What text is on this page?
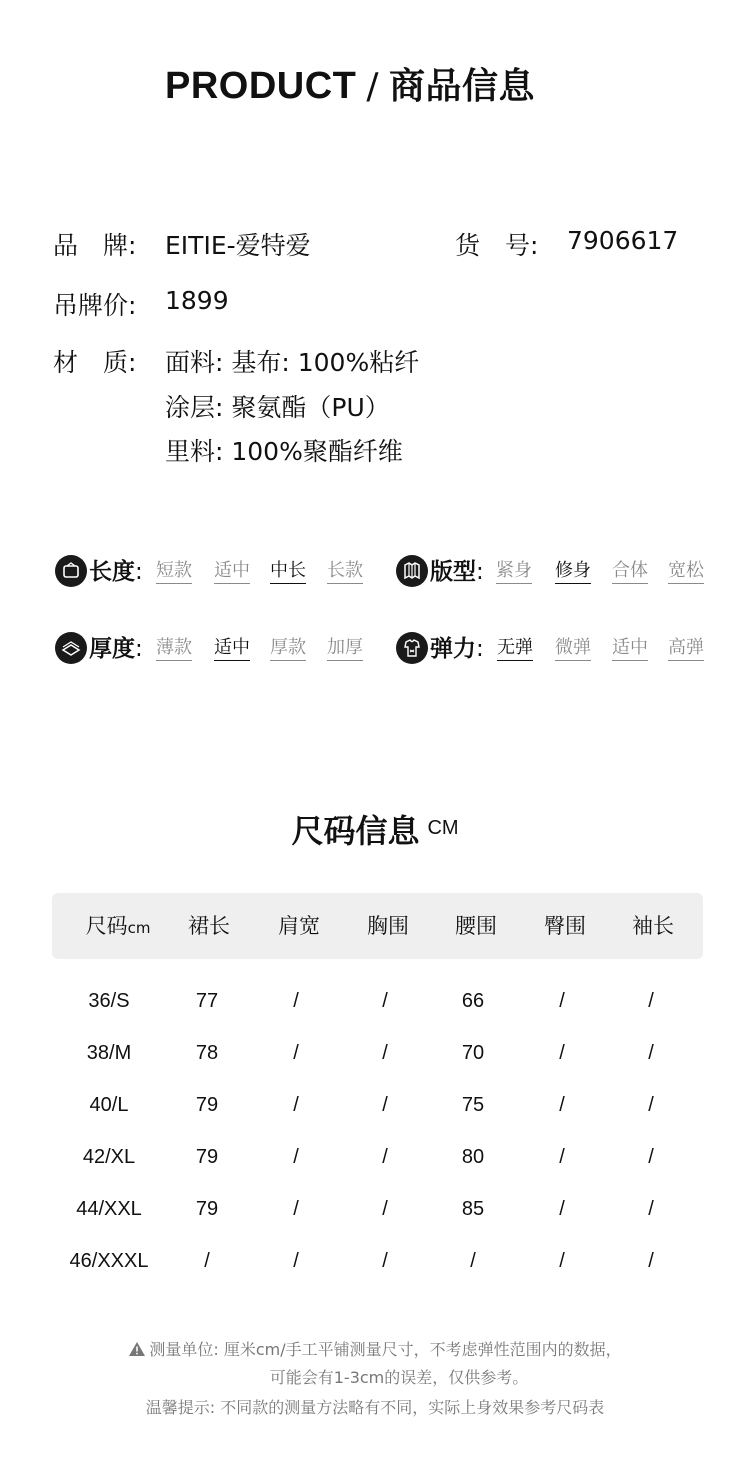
PRODUCT / 商品信息
品　牌: EITIE-爱特爱	货　号: 7906617
吊牌价: 1899
材　质: 面料: 基布: 100%粘纤
涂层: 聚氨酯（PU）
里料: 100%聚酯纤维
长度: 短款 适中 中长 长款	版型: 紧身 修身 合体 宽松
厚度: 薄款 适中 厚款 加厚	弹力: 无弹 微弹 适中 高弹
尺码信息 $^{CM}$
尺码cm 裙长 肩宽 胸围 腰围 臀围 袖长
36/S	77	/	/	66	/	/
38/M	78	/	/	70	/	/
40/L	79	/	/	75	/	/
42/XL	79	/	/	80	/	/
44/XXL	79	/	/	85	/	/
46/XXXL	/	/	/	/	/	/
测量单位: 厘米cm/手工平铺测量尺寸，不考虑弹性范围内的数据，
可能会有1-3cm的误差，仅供参考。
温馨提示: 不同款的测量方法略有不同，实际上身效果参考尺码表
